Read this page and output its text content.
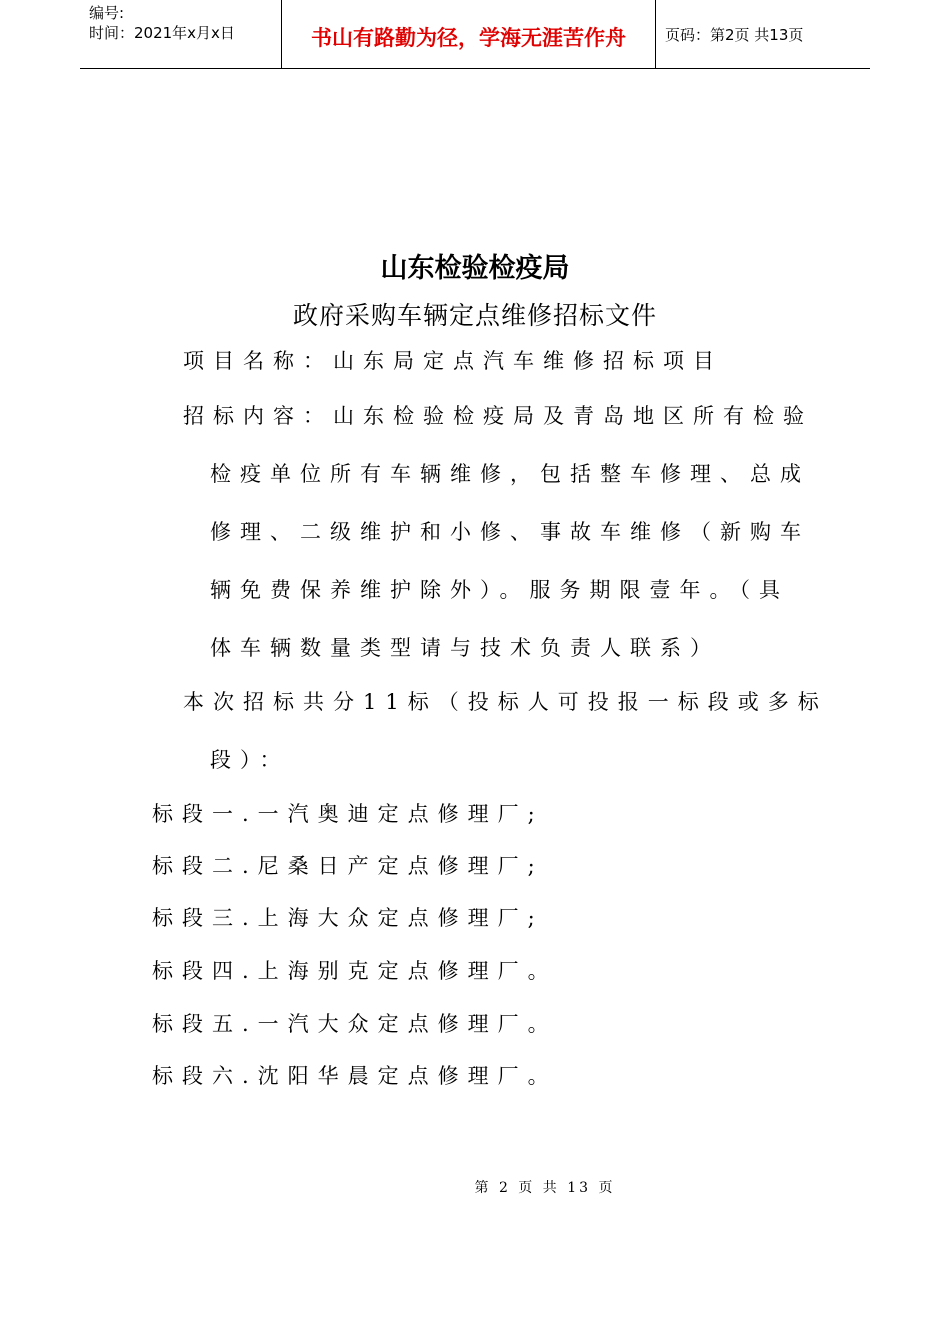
编号:
时间：2021年x月x日	书山有路勤为径，学海无涯苦作舟	页码：第2页 共13页
山东检验检疫局
政府采购车辆定点维修招标文件
项目名称：山东局定点汽车维修招标项目
招标内容：山东检验检疫局及青岛地区所有检验
检疫单位所有车辆维修，包括整车修理、总成
修理、二级维护和小修、事故车维修（新购车
辆免费保养维护除外）。服务期限壹年。（具
体车辆数量类型请与技术负责人联系）
本次招标共分11标（投标人可投报一标段或多标
段）：
标段一.一汽奥迪定点修理厂;
标段二.尼桑日产定点修理厂;
标段三.上海大众定点修理厂;
标段四.上海别克定点修理厂。
标段五.一汽大众定点修理厂。
标段六.沈阳华晨定点修理厂。
第 2 页 共 13 页
